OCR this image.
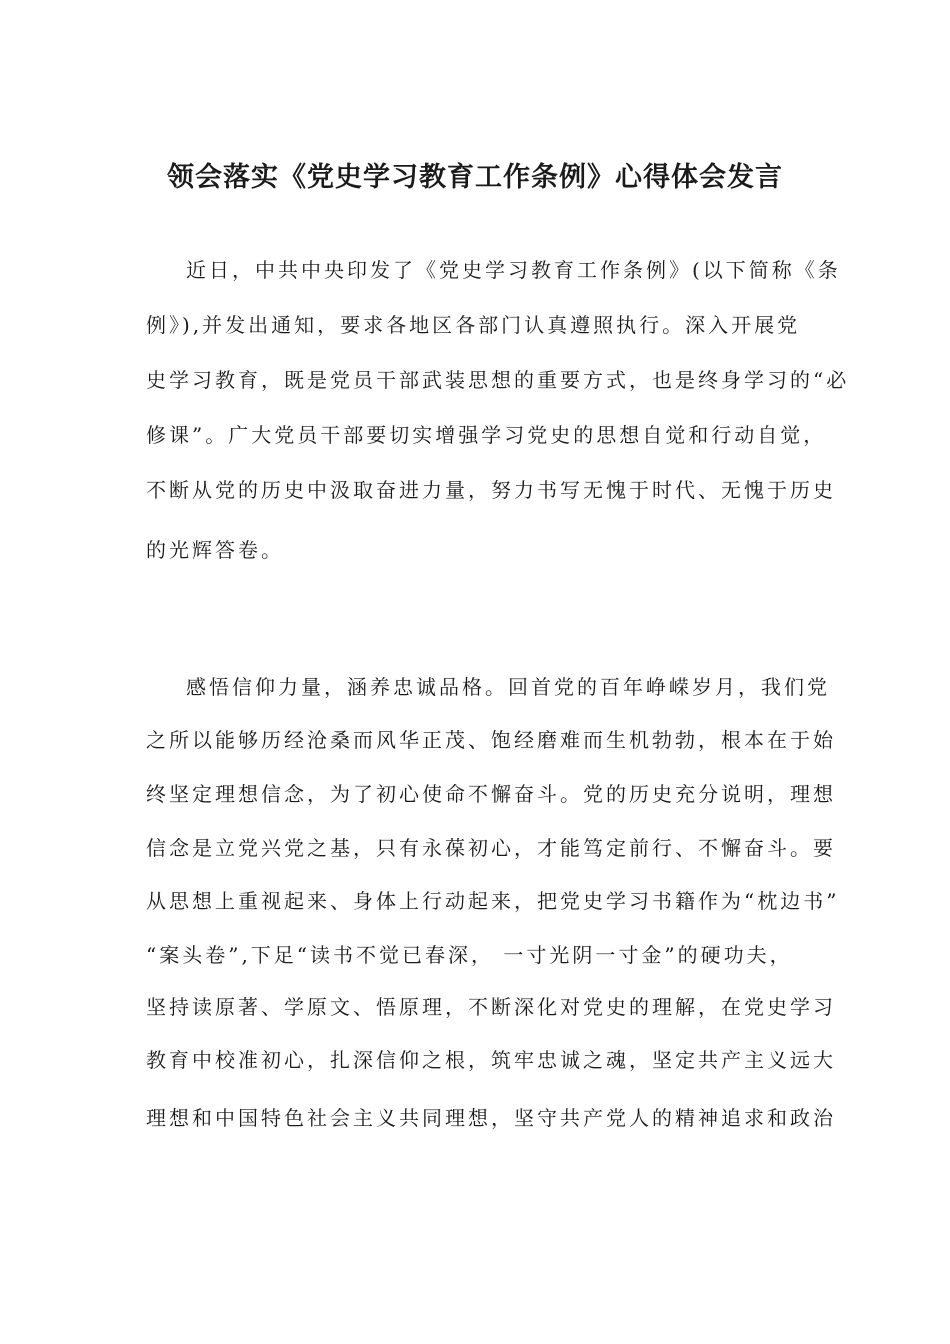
领会落实《党史学习教育工作条例》心得体会发言
近日，中共中央印发了《党史学习教育工作条例》(以下简称《条
例》),并发出通知，要求各地区各部门认真遵照执行。深入开展党
史学习教育，既是党员干部武装思想的重要方式，也是终身学习的“必
修课”。广大党员干部要切实增强学习党史的思想自觉和行动自觉，
不断从党的历史中汲取奋进力量，努力书写无愧于时代、无愧于历史
的光辉答卷。
感悟信仰力量，涵养忠诚品格。回首党的百年峥嵘岁月，我们党
之所以能够历经沧桑而风华正茂、饱经磨难而生机勃勃，根本在于始
终坚定理想信念，为了初心使命不懈奋斗。党的历史充分说明，理想
信念是立党兴党之基，只有永葆初心，才能笃定前行、不懈奋斗。要
从思想上重视起来、身体上行动起来，把党史学习书籍作为“枕边书”
“案头卷”,下足“读书不觉已春深， 一寸光阴一寸金”的硬功夫，
坚持读原著、学原文、悟原理，不断深化对党史的理解，在党史学习
教育中校准初心，扎深信仰之根，筑牢忠诚之魂，坚定共产主义远大
理想和中国特色社会主义共同理想，坚守共产党人的精神追求和政治
